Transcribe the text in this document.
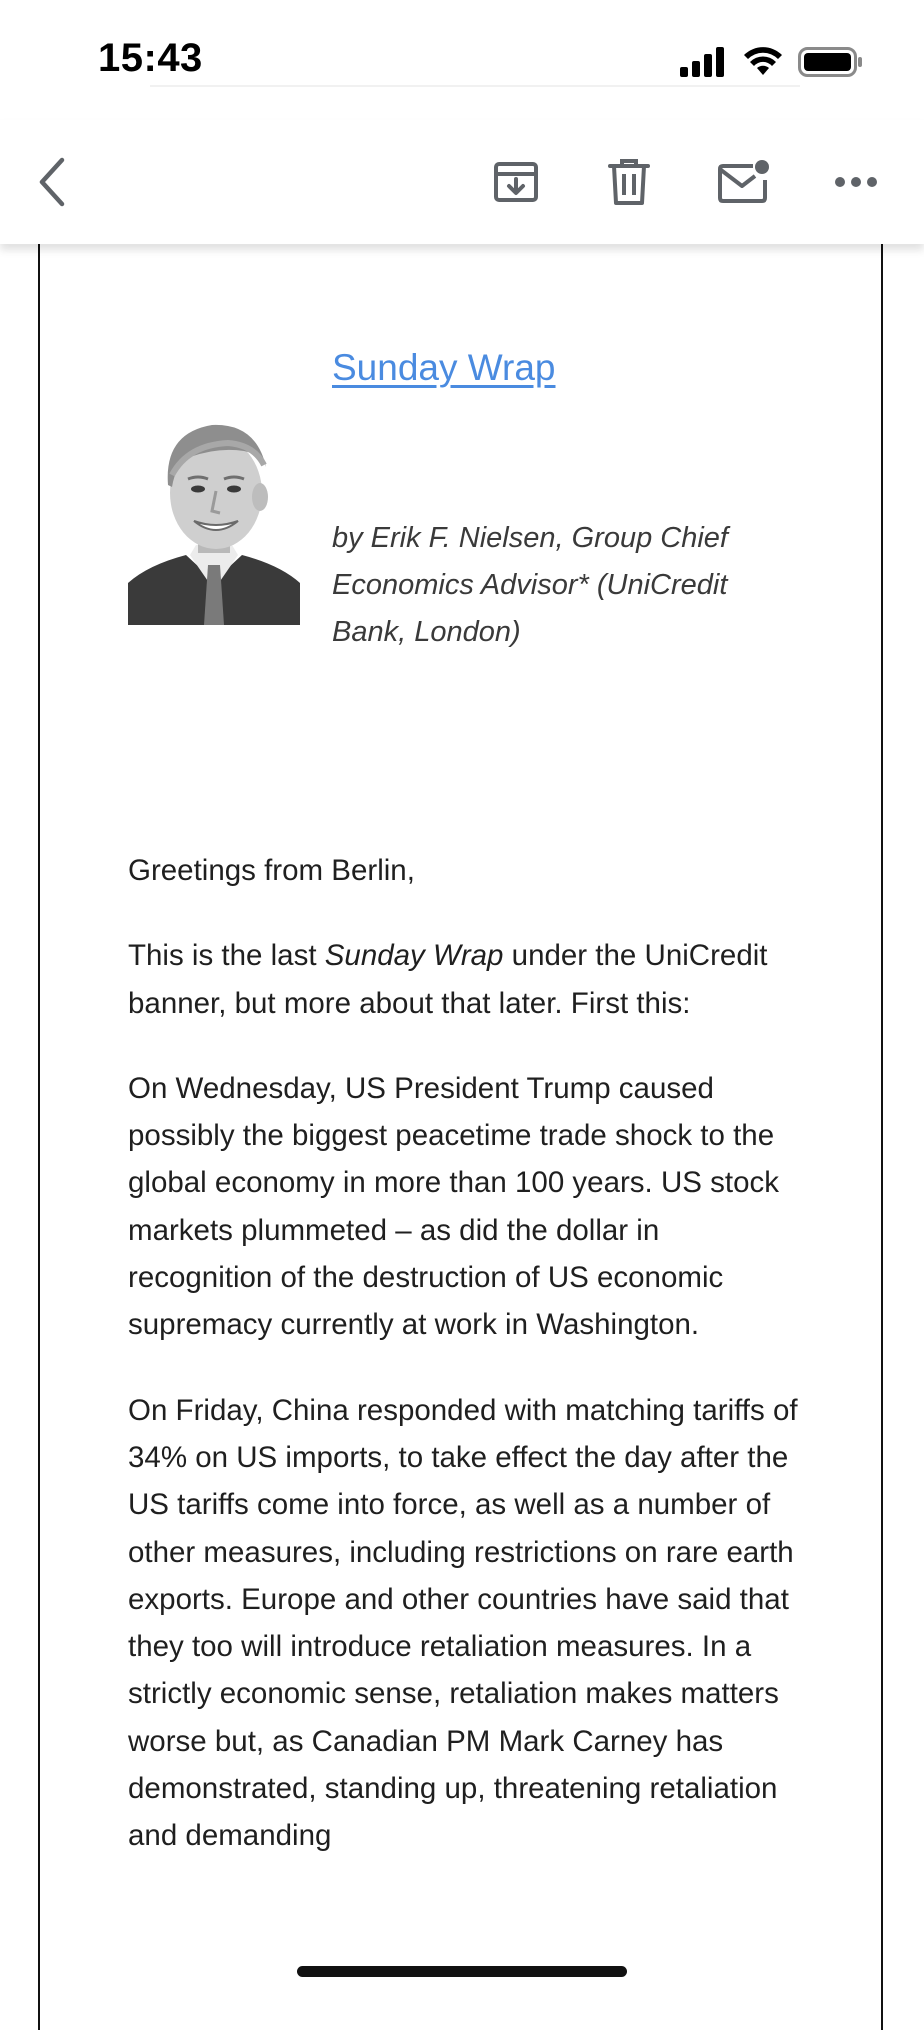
15:43
Sunday Wrap
by Erik F. Nielsen, Group Chief Economics Advisor* (UniCredit Bank, London)

Greetings from Berlin,

This is the last Sunday Wrap under the UniCredit banner, but more about that later. First this:

On Wednesday, US President Trump caused possibly the biggest peacetime trade shock to the global economy in more than 100 years. US stock markets plummeted – as did the dollar in recognition of the destruction of US economic supremacy currently at work in Washington.

On Friday, China responded with matching tariffs of 34% on US imports, to take effect the day after the US tariffs come into force, as well as a number of other measures, including restrictions on rare earth exports. Europe and other countries have said that they too will introduce retaliation measures. In a strictly economic sense, retaliation makes matters worse but, as Canadian PM Mark Carney has demonstrated, standing up, threatening retaliation and demanding
